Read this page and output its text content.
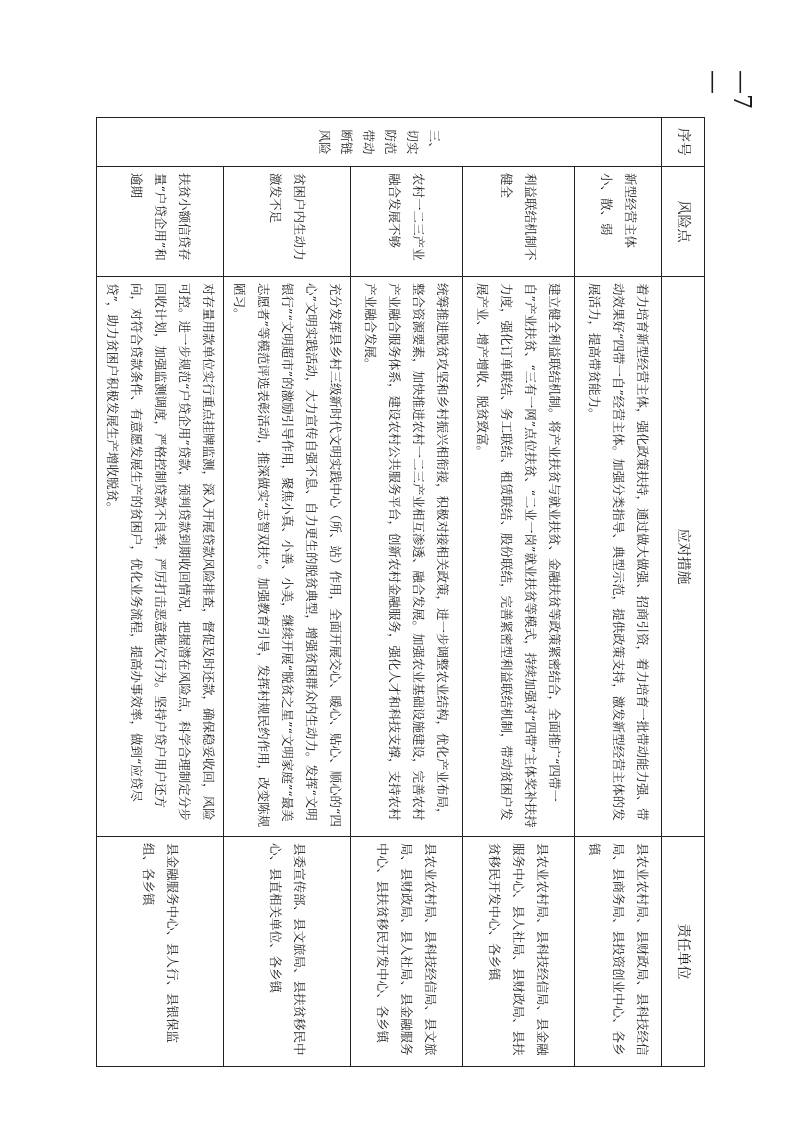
—7—
序号	风险点	应对措施	责任单位
三、切实防范带动断链风险	新型经营主体小、散、弱	着力培育新型经营主体，强化政策扶持，通过做大做强、招商引资，着力培育一批带动能力强、带动效果好“四带一自”经营主体。加强分类指导、典型示范，提供政策支持，激发新型经营主体的发展活力，提高带贫能力。	县农业农村局、县财政局、县科技经信局、县商务局、县投资创业中心、各乡镇
	利益联结机制不健全	建立健全利益联结机制。将产业扶贫与就业扶贫、金融扶贫等政策紧密结合，全面推广“四带一自”产业扶贫、“三有一网”点位扶贫、“二业一岗”就业扶贫等模式，持续加强对“四带”主体奖补扶持力度，强化订单联结、务工联结、租赁联结、股份联结，完善紧密型利益联结机制，带动贫困户发展产业、增产增收、脱贫致富。	县农业农村局、县科技经信局、县金融服务中心、县人社局、县财政局、县扶贫移民开发中心、各乡镇
	农村一二三产业融合发展不够	统筹推进脱贫攻坚和乡村振兴相衔接，积极对接相关政策，进一步调整农业结构，优化产业布局，整合资源要素，加快推进农村一二三产业相互渗透、融合发展。加强农业基础设施建设，完善农村产业融合服务体系，建设农村公共服务平台，创新农村金融服务，强化人才和科技支撑，支持农村产业融合发展。	县农业农村局、县科技经信局、县文旅局、县财政局、县人社局、县金融服务中心、县扶贫移民开发中心、各乡镇
	贫困户内生动力激发不足	充分发挥县乡村三级新时代文明实践中心（所、站）作用，全面开展交心、暖心、贴心、顺心的“四心”文明实践活动，大力宣传自强不息、自力更生的脱贫典型，增强贫困群众内生动力。发挥“文明银行”“文明超市”的激励引导作用，聚焦小真、小善、小美，继续开展“脱贫之星”“文明家庭”“最美志愿者”等模范评选表彰活动，推深做实“志智双扶”。加强教育引导，发挥村规民约作用，改变陈规陋习。	县委宣传部、县文旅局、县扶贫移民中心、县直相关单位、各乡镇
	扶贫小额信贷存量“户贷企用”和逾期	对存量用款单位实行重点挂牌监测，深入开展贷款风险排查，督促及时还款，确保稳妥收回，风险可控。进一步规范“户贷企用”贷款，预判贷款到期收回情况，把握潜在风险点，科学合理制定分步回收计划，加强监测调度，严格控制贷款不良率，严厉打击恶意拖欠行为。坚持户贷户用户还方向，对符合贷款条件、有意愿发展生产的贫困户，优化业务流程，提高办事效率，做到“应贷尽贷”，助力贫困户积极发展生产增收脱贫。	县金融服务中心、县人行、县银保监组、各乡镇
